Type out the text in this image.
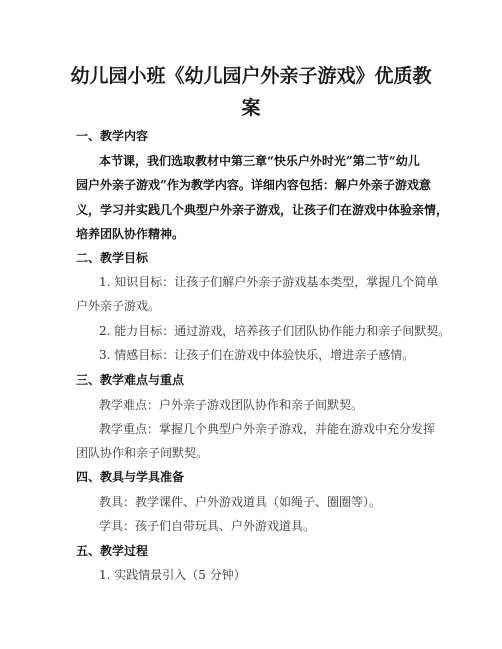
幼儿园小班《幼儿园户外亲子游戏》优质教
案
一、教学内容
本节课，我们选取教材中第三章“快乐户外时光”第二节“幼儿
园户外亲子游戏”作为教学内容。详细内容包括：解户外亲子游戏意
义，学习并实践几个典型户外亲子游戏，让孩子们在游戏中体验亲情，
培养团队协作精神。
二、教学目标
1. 知识目标：让孩子们解户外亲子游戏基本类型，掌握几个简单
户外亲子游戏。
2. 能力目标：通过游戏，培养孩子们团队协作能力和亲子间默契。
3. 情感目标：让孩子们在游戏中体验快乐，增进亲子感情。
三、教学难点与重点
教学难点：户外亲子游戏团队协作和亲子间默契。
教学重点：掌握几个典型户外亲子游戏，并能在游戏中充分发挥
团队协作和亲子间默契。
四、教具与学具准备
教具：教学课件、户外游戏道具（如绳子、圈圈等）。
学具：孩子们自带玩具、户外游戏道具。
五、教学过程
1. 实践情景引入（5 分钟）
